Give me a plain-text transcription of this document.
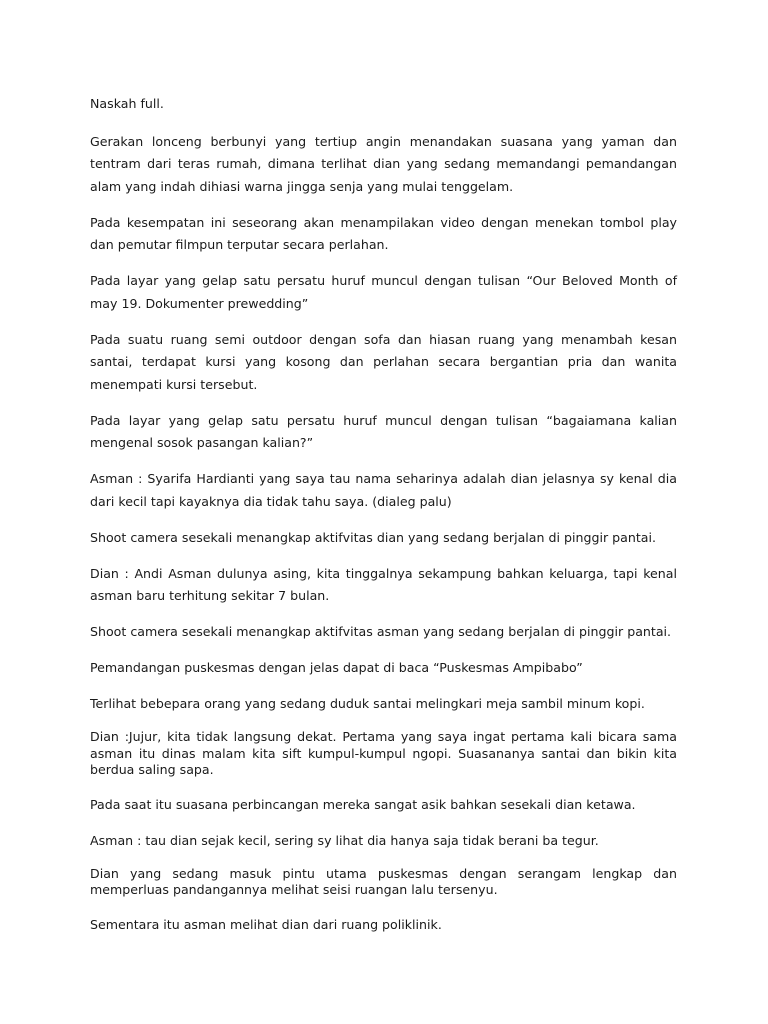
Naskah full.

Gerakan lonceng berbunyi yang tertiup angin menandakan suasana yang yaman dan tentram dari teras rumah, dimana terlihat dian yang sedang memandangi pemandangan alam yang indah dihiasi warna jingga senja yang mulai tenggelam.

Pada kesempatan ini seseorang akan menampilakan video dengan menekan tombol play dan pemutar filmpun terputar secara perlahan.

Pada layar yang gelap satu persatu huruf muncul dengan tulisan “Our Beloved Month of may 19. Dokumenter prewedding”

Pada suatu ruang semi outdoor dengan sofa dan hiasan ruang yang menambah kesan santai, terdapat kursi yang kosong dan perlahan secara bergantian pria dan wanita menempati kursi tersebut.

Pada layar yang gelap satu persatu huruf muncul dengan tulisan “bagaiamana kalian mengenal sosok pasangan kalian?”

Asman : Syarifa Hardianti yang saya tau nama seharinya adalah dian jelasnya sy kenal dia dari kecil tapi kayaknya dia tidak tahu saya. (dialeg palu)

Shoot camera sesekali menangkap aktifvitas dian yang sedang berjalan di pinggir pantai.

Dian : Andi Asman dulunya asing, kita tinggalnya sekampung bahkan keluarga, tapi kenal asman baru terhitung sekitar 7 bulan.

Shoot camera sesekali menangkap aktifvitas asman yang sedang berjalan di pinggir pantai.

Pemandangan puskesmas dengan jelas dapat di baca “Puskesmas Ampibabo”

Terlihat bebepara orang yang sedang duduk santai melingkari meja sambil minum kopi.

Dian :Jujur, kita tidak langsung dekat. Pertama yang saya ingat pertama kali bicara sama asman itu dinas malam kita sift kumpul-kumpul ngopi. Suasananya santai dan bikin kita berdua saling sapa.

Pada saat itu suasana perbincangan mereka sangat asik bahkan sesekali dian ketawa.

Asman : tau dian sejak kecil, sering sy lihat dia hanya saja tidak berani ba tegur.

Dian yang sedang masuk pintu utama puskesmas dengan serangam lengkap dan memperluas pandangannya melihat seisi ruangan lalu tersenyu.

Sementara itu asman melihat dian dari ruang poliklinik.
